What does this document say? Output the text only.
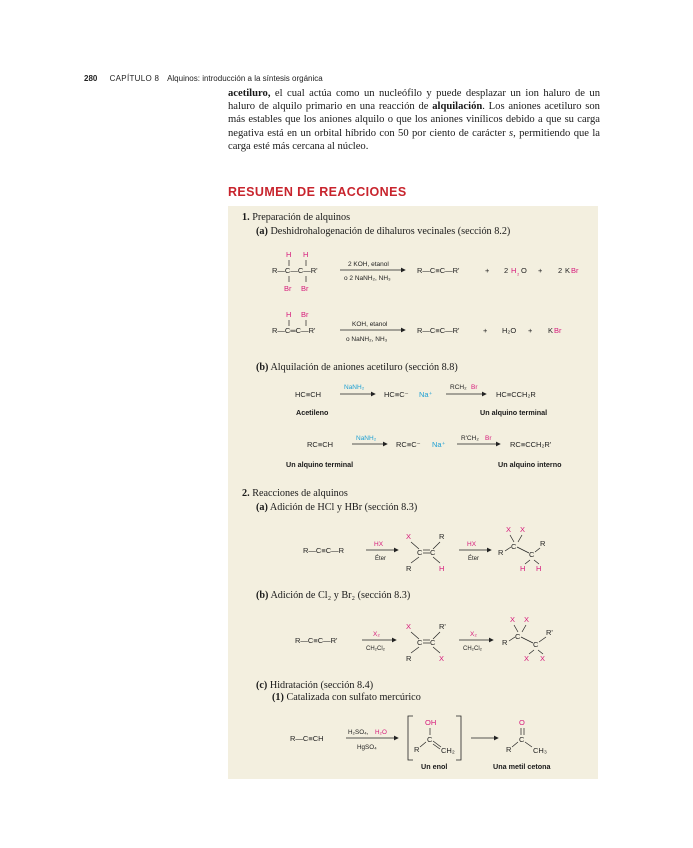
280 CAPÍTULO 8 Alquinos: introducción a la síntesis orgánica
acetiluro, el cual actúa como un nucleófilo y puede desplazar un ion haluro de un haluro de alquilo primario en una reacción de alquilación. Los aniones acetiluro son más estables que los aniones alquilo o que los aniones vinílicos debido a que su carga negativa está en un orbital híbrido con 50 por ciento de carácter s, permitiendo que la carga esté más cercana al núcleo.
RESUMEN DE REACCIONES
1. Preparación de alquinos
(a) Deshidrohalogenación de dihaluros vecinales (sección 8.2)
(b) Alquilación de aniones acetiluro (sección 8.8)
2. Reacciones de alquinos
(a) Adición de HCl y HBr (sección 8.3)
(b) Adición de Cl₂ y Br₂ (sección 8.3)
(c) Hidratación (sección 8.4)
(1) Catalizada con sulfato mercúrico
H H
R—C—C—R'
Br Br
2 KOH, etanol
o 2 NaNH₂, NH₃
R—C≡C—R'	+ 2 H ₂ O + 2 K Br
H Br
R—C═C—R'
KOH, etanol
o NaNH₂, NH₃
R—C≡C—R'	+ H₂O + K Br
HC≡CH
NaNH₂
HC≡C⁻ Na⁺
RCH₂ Br
HC≡CCH₂R
RC≡CH
NaNH₂
RC≡C⁻ Na⁺
R'CH₂ Br
RC≡CCH₂R'
R—C≡C—R
HX
Éter
X	R
C C
R	H
HX
Éter
X X
C
R	C
R
H H
R—C≡C—R'
X₂
CH₂Cl₂
X	R'
C C
R	X
X₂
CH₂Cl₂
X X
C
R	C
R'
X X
R—C≡CH
H₂SO₄, H₂O
HgSO₄
OH
C
R	CH₂
O
C
R	CH₃
Acetileno	Un alquino terminal
Un alquino terminal	Un alquino interno
Un enol	Una metil cetona
